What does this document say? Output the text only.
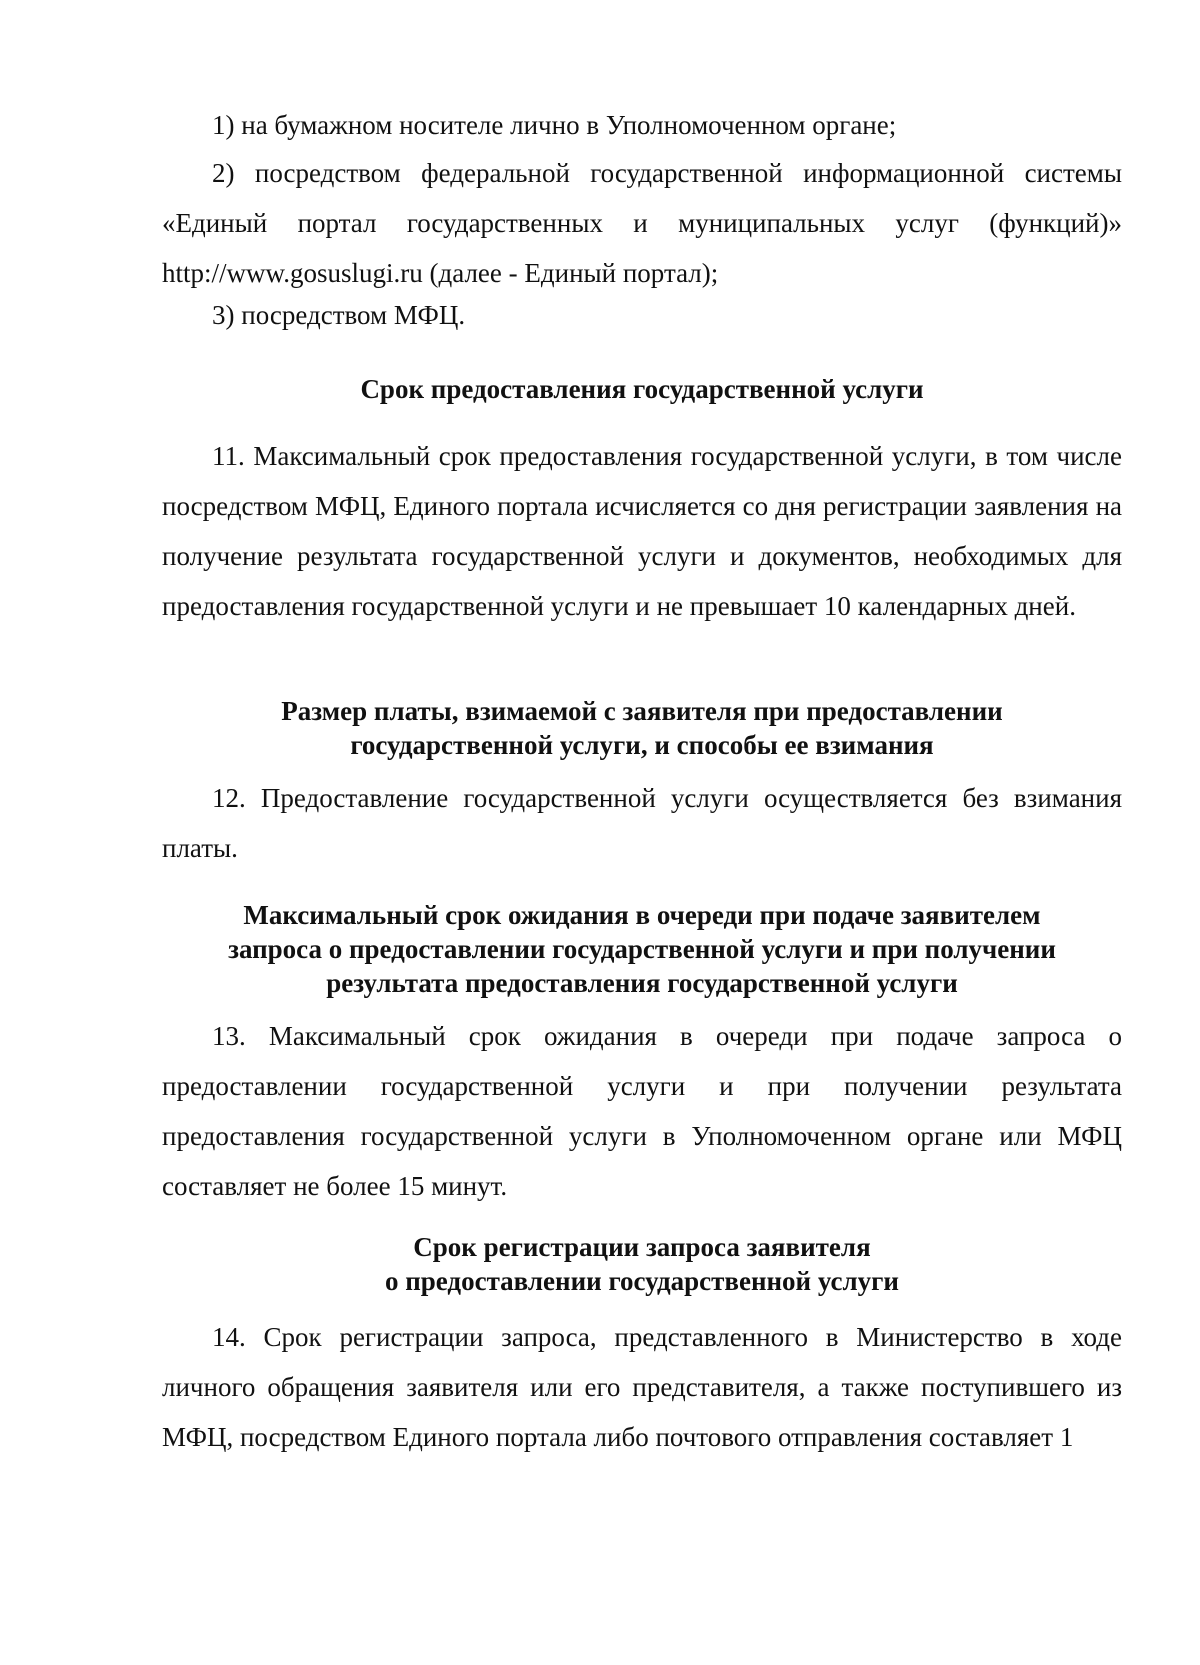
1) на бумажном носителе лично в Уполномоченном органе;

2) посредством федеральной государственной информационной системы «Единый портал государственных и муниципальных услуг (функций)» http://www.gosuslugi.ru (далее - Единый портал);

3) посредством МФЦ.

Срок предоставления государственной услуги

11. Максимальный срок предоставления государственной услуги, в том числе посредством МФЦ, Единого портала исчисляется со дня регистрации заявления на получение результата государственной услуги и документов, необходимых для предоставления государственной услуги и не превышает 10 календарных дней.

Размер платы, взимаемой с заявителя при предоставлении
государственной услуги, и способы ее взимания

12. Предоставление государственной услуги осуществляется без взимания платы.

Максимальный срок ожидания в очереди при подаче заявителем
запроса о предоставлении государственной услуги и при получении
результата предоставления государственной услуги

13. Максимальный срок ожидания в очереди при подаче запроса о предоставлении государственной услуги и при получении результата предоставления государственной услуги в Уполномоченном органе или МФЦ составляет не более 15 минут.

Срок регистрации запроса заявителя
о предоставлении государственной услуги

14. Срок регистрации запроса, представленного в Министерство в ходе личного обращения заявителя или его представителя, а также поступившего из МФЦ, посредством Единого портала либо почтового отправления составляет 1
